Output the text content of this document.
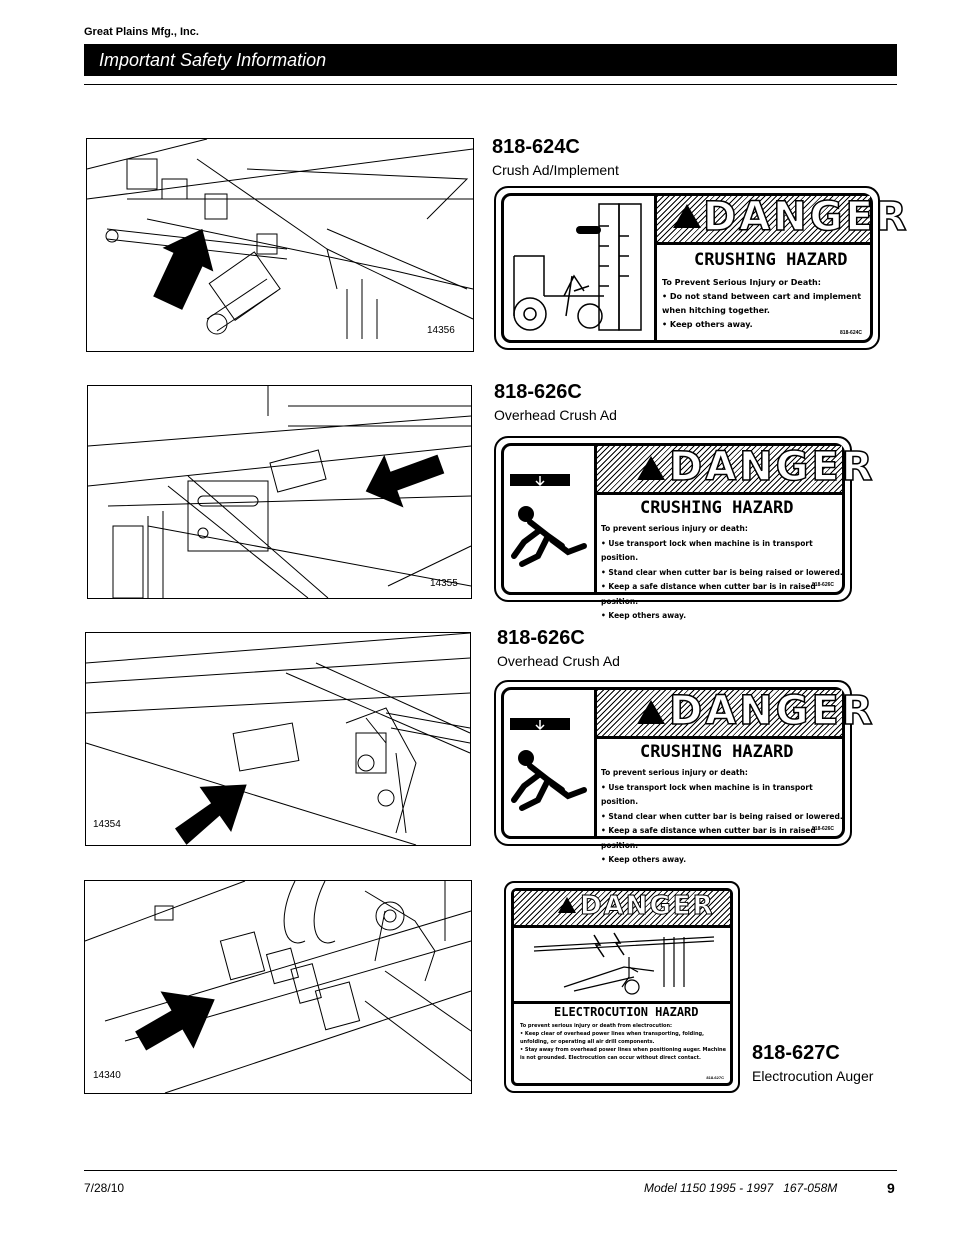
Great Plains Mfg., Inc.
Important Safety Information
14356
818-624C
Crush Ad/Implement
DANGER
CRUSHING HAZARD
To Prevent Serious Injury or Death:
• Do not stand between cart and implement when hitching together.
• Keep others away.
818-624C
14355
818-626C
Overhead Crush Ad
DANGER
CRUSHING HAZARD
To prevent serious injury or death:
• Use transport lock when machine is in transport position.
• Stand clear when cutter bar is being raised or lowered.
• Keep a safe distance when cutter bar is in raised position.
• Keep others away.
818-626C
14354
818-626C
Overhead Crush Ad
DANGER
CRUSHING HAZARD
To prevent serious injury or death:
• Use transport lock when machine is in transport position.
• Stand clear when cutter bar is being raised or lowered.
• Keep a safe distance when cutter bar is in raised position.
• Keep others away.
818-626C
14340
DANGER
ELECTROCUTION HAZARD
To prevent serious injury or death from electrocution:
• Keep clear of overhead power lines when transporting, folding, unfolding, or operating all air drill components.
• Stay away from overhead power lines when positioning auger. Machine is not grounded. Electrocution can occur without direct contact.
818-627C
818-627C
Electrocution Auger
7/28/10	Model 1150 1995 - 1997   167-058M	9
